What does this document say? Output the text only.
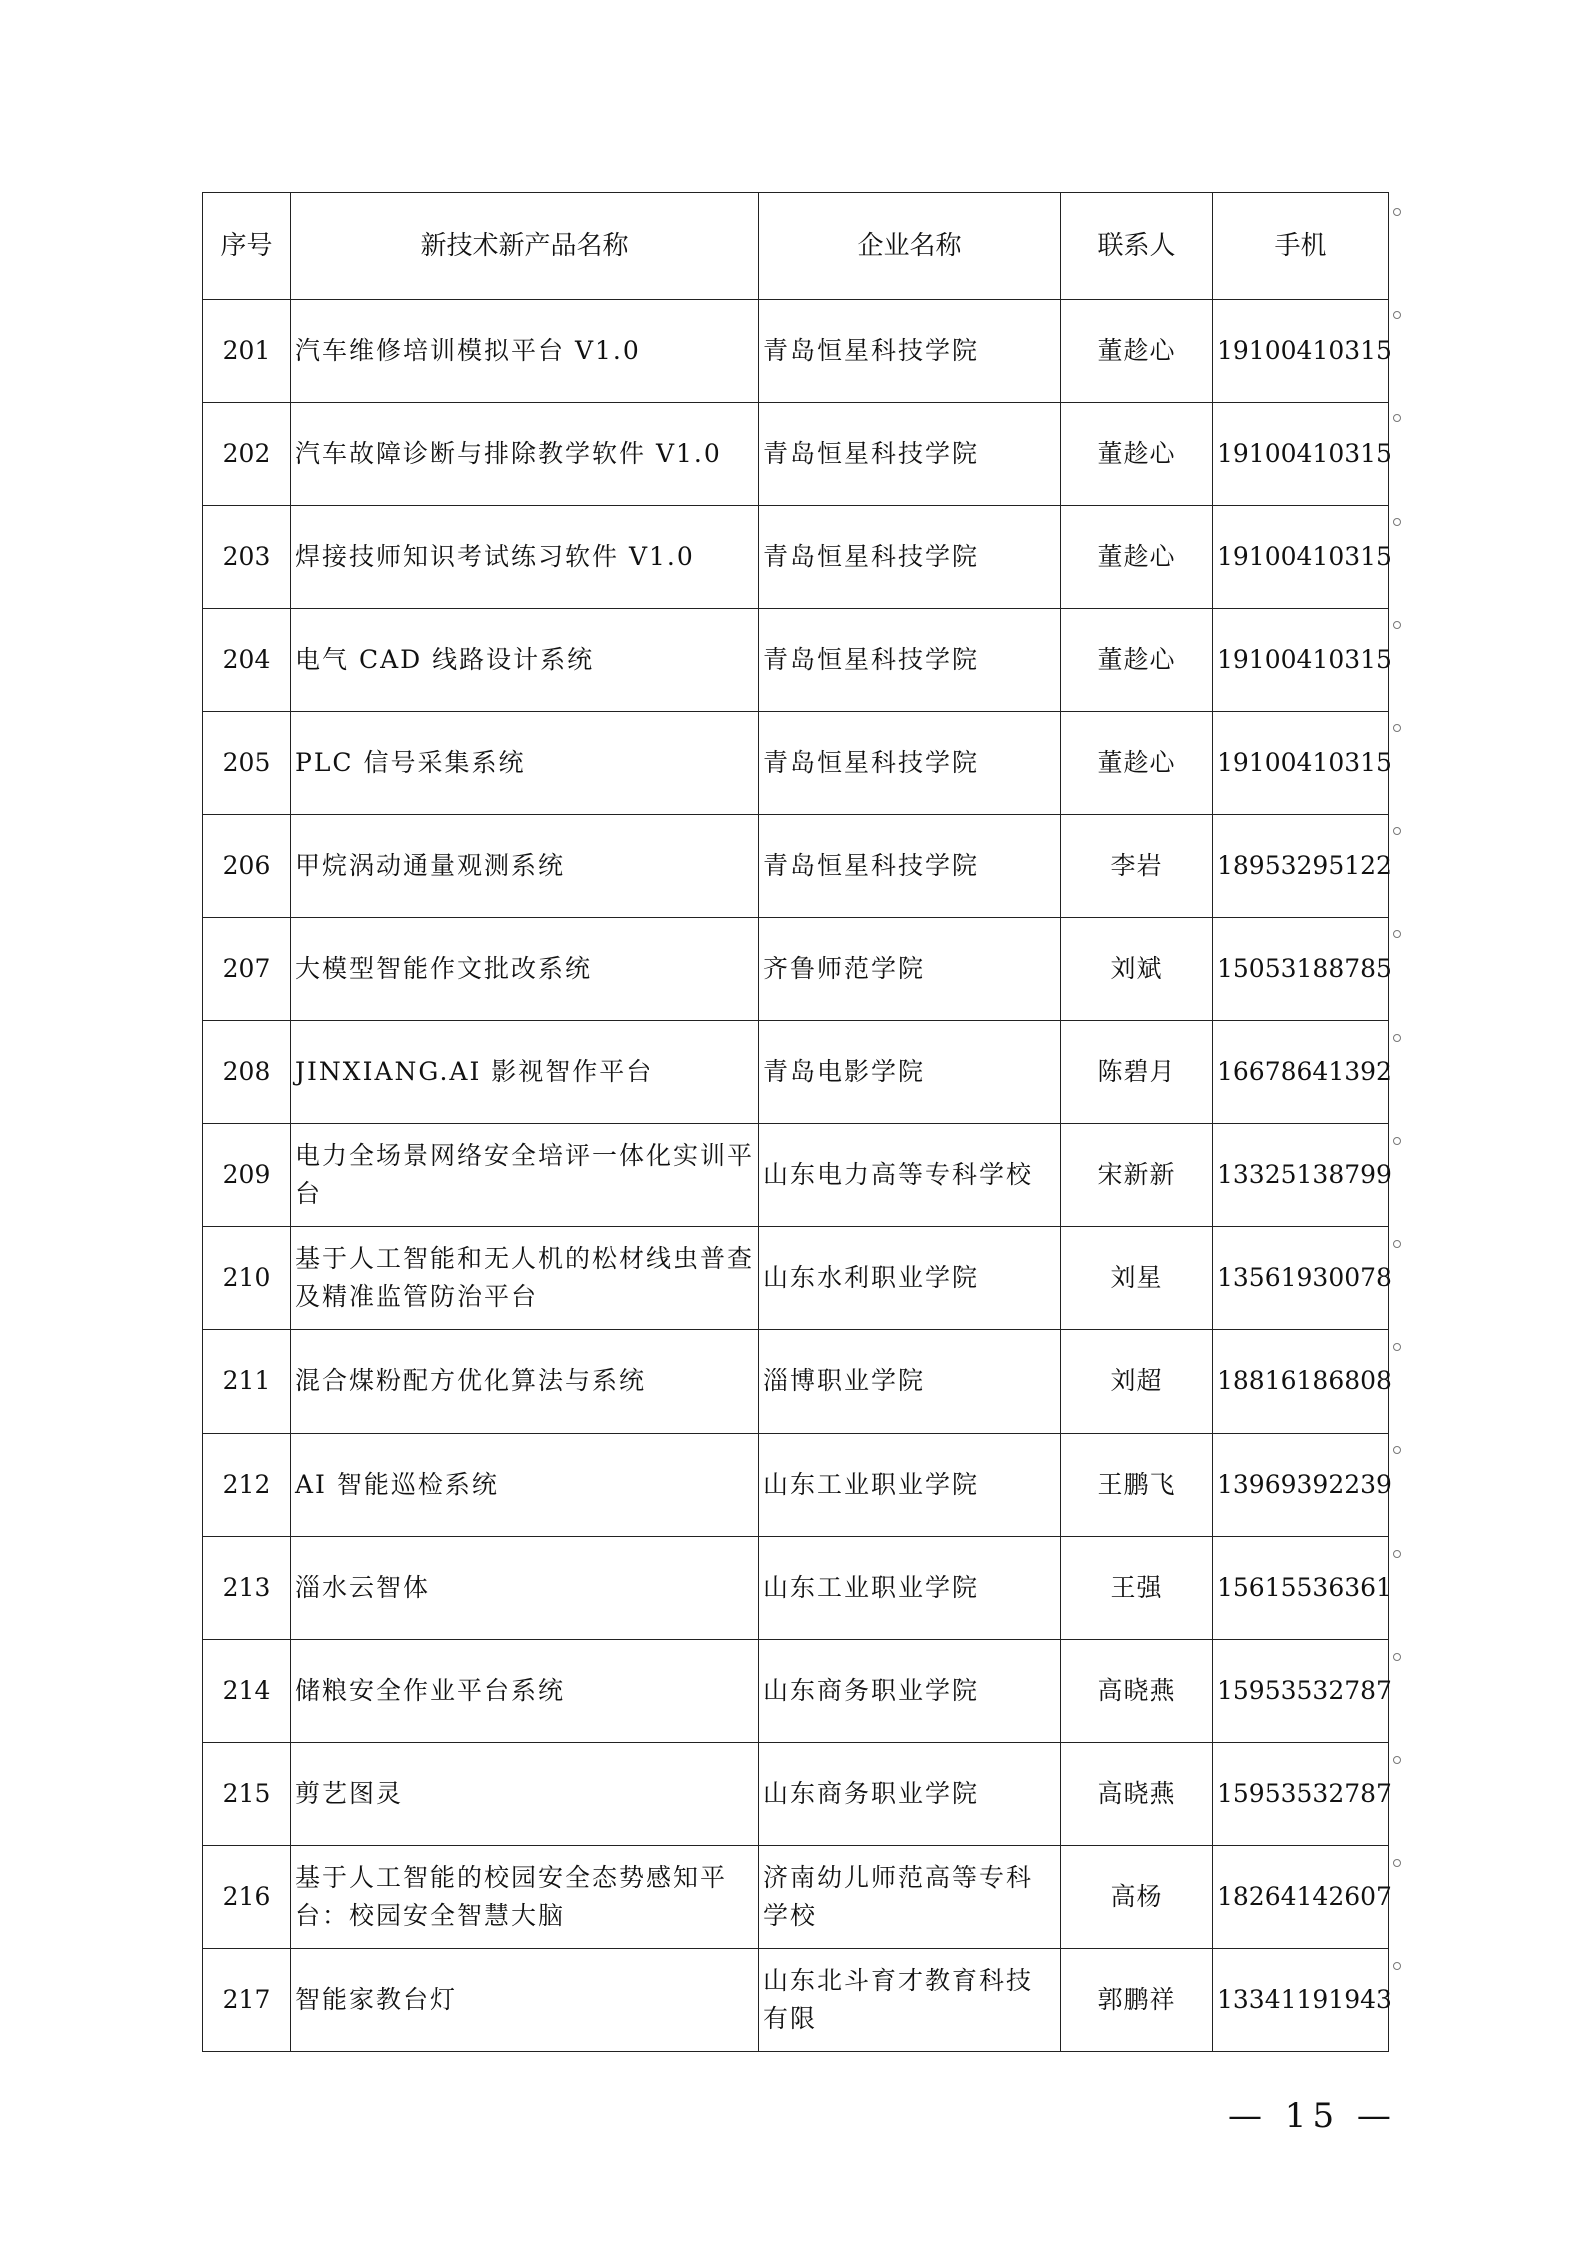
序号	新技术新产品名称	企业名称	联系人	手机
201	汽车维修培训模拟平台 V1.0	青岛恒星科技学院	董趁心	19100410315
202	汽车故障诊断与排除教学软件 V1.0	青岛恒星科技学院	董趁心	19100410315
203	焊接技师知识考试练习软件 V1.0	青岛恒星科技学院	董趁心	19100410315
204	电气 CAD 线路设计系统	青岛恒星科技学院	董趁心	19100410315
205	PLC 信号采集系统	青岛恒星科技学院	董趁心	19100410315
206	甲烷涡动通量观测系统	青岛恒星科技学院	李岩	18953295122
207	大模型智能作文批改系统	齐鲁师范学院	刘斌	15053188785
208	JINXIANG.AI 影视智作平台	青岛电影学院	陈碧月	16678641392
209	电力全场景网络安全培评一体化实训平台	山东电力高等专科学校	宋新新	13325138799
210	基于人工智能和无人机的松材线虫普查及精准监管防治平台	山东水利职业学院	刘星	13561930078
211	混合煤粉配方优化算法与系统	淄博职业学院	刘超	18816186808
212	AI 智能巡检系统	山东工业职业学院	王鹏飞	13969392239
213	淄水云智体	山东工业职业学院	王强	15615536361
214	储粮安全作业平台系统	山东商务职业学院	高晓燕	15953532787
215	剪艺图灵	山东商务职业学院	高晓燕	15953532787
216	基于人工智能的校园安全态势感知平台：校园安全智慧大脑	济南幼儿师范高等专科学校	高杨	18264142607
217	智能家教台灯	山东北斗育才教育科技有限	郭鹏祥	13341191943
— 15 —
